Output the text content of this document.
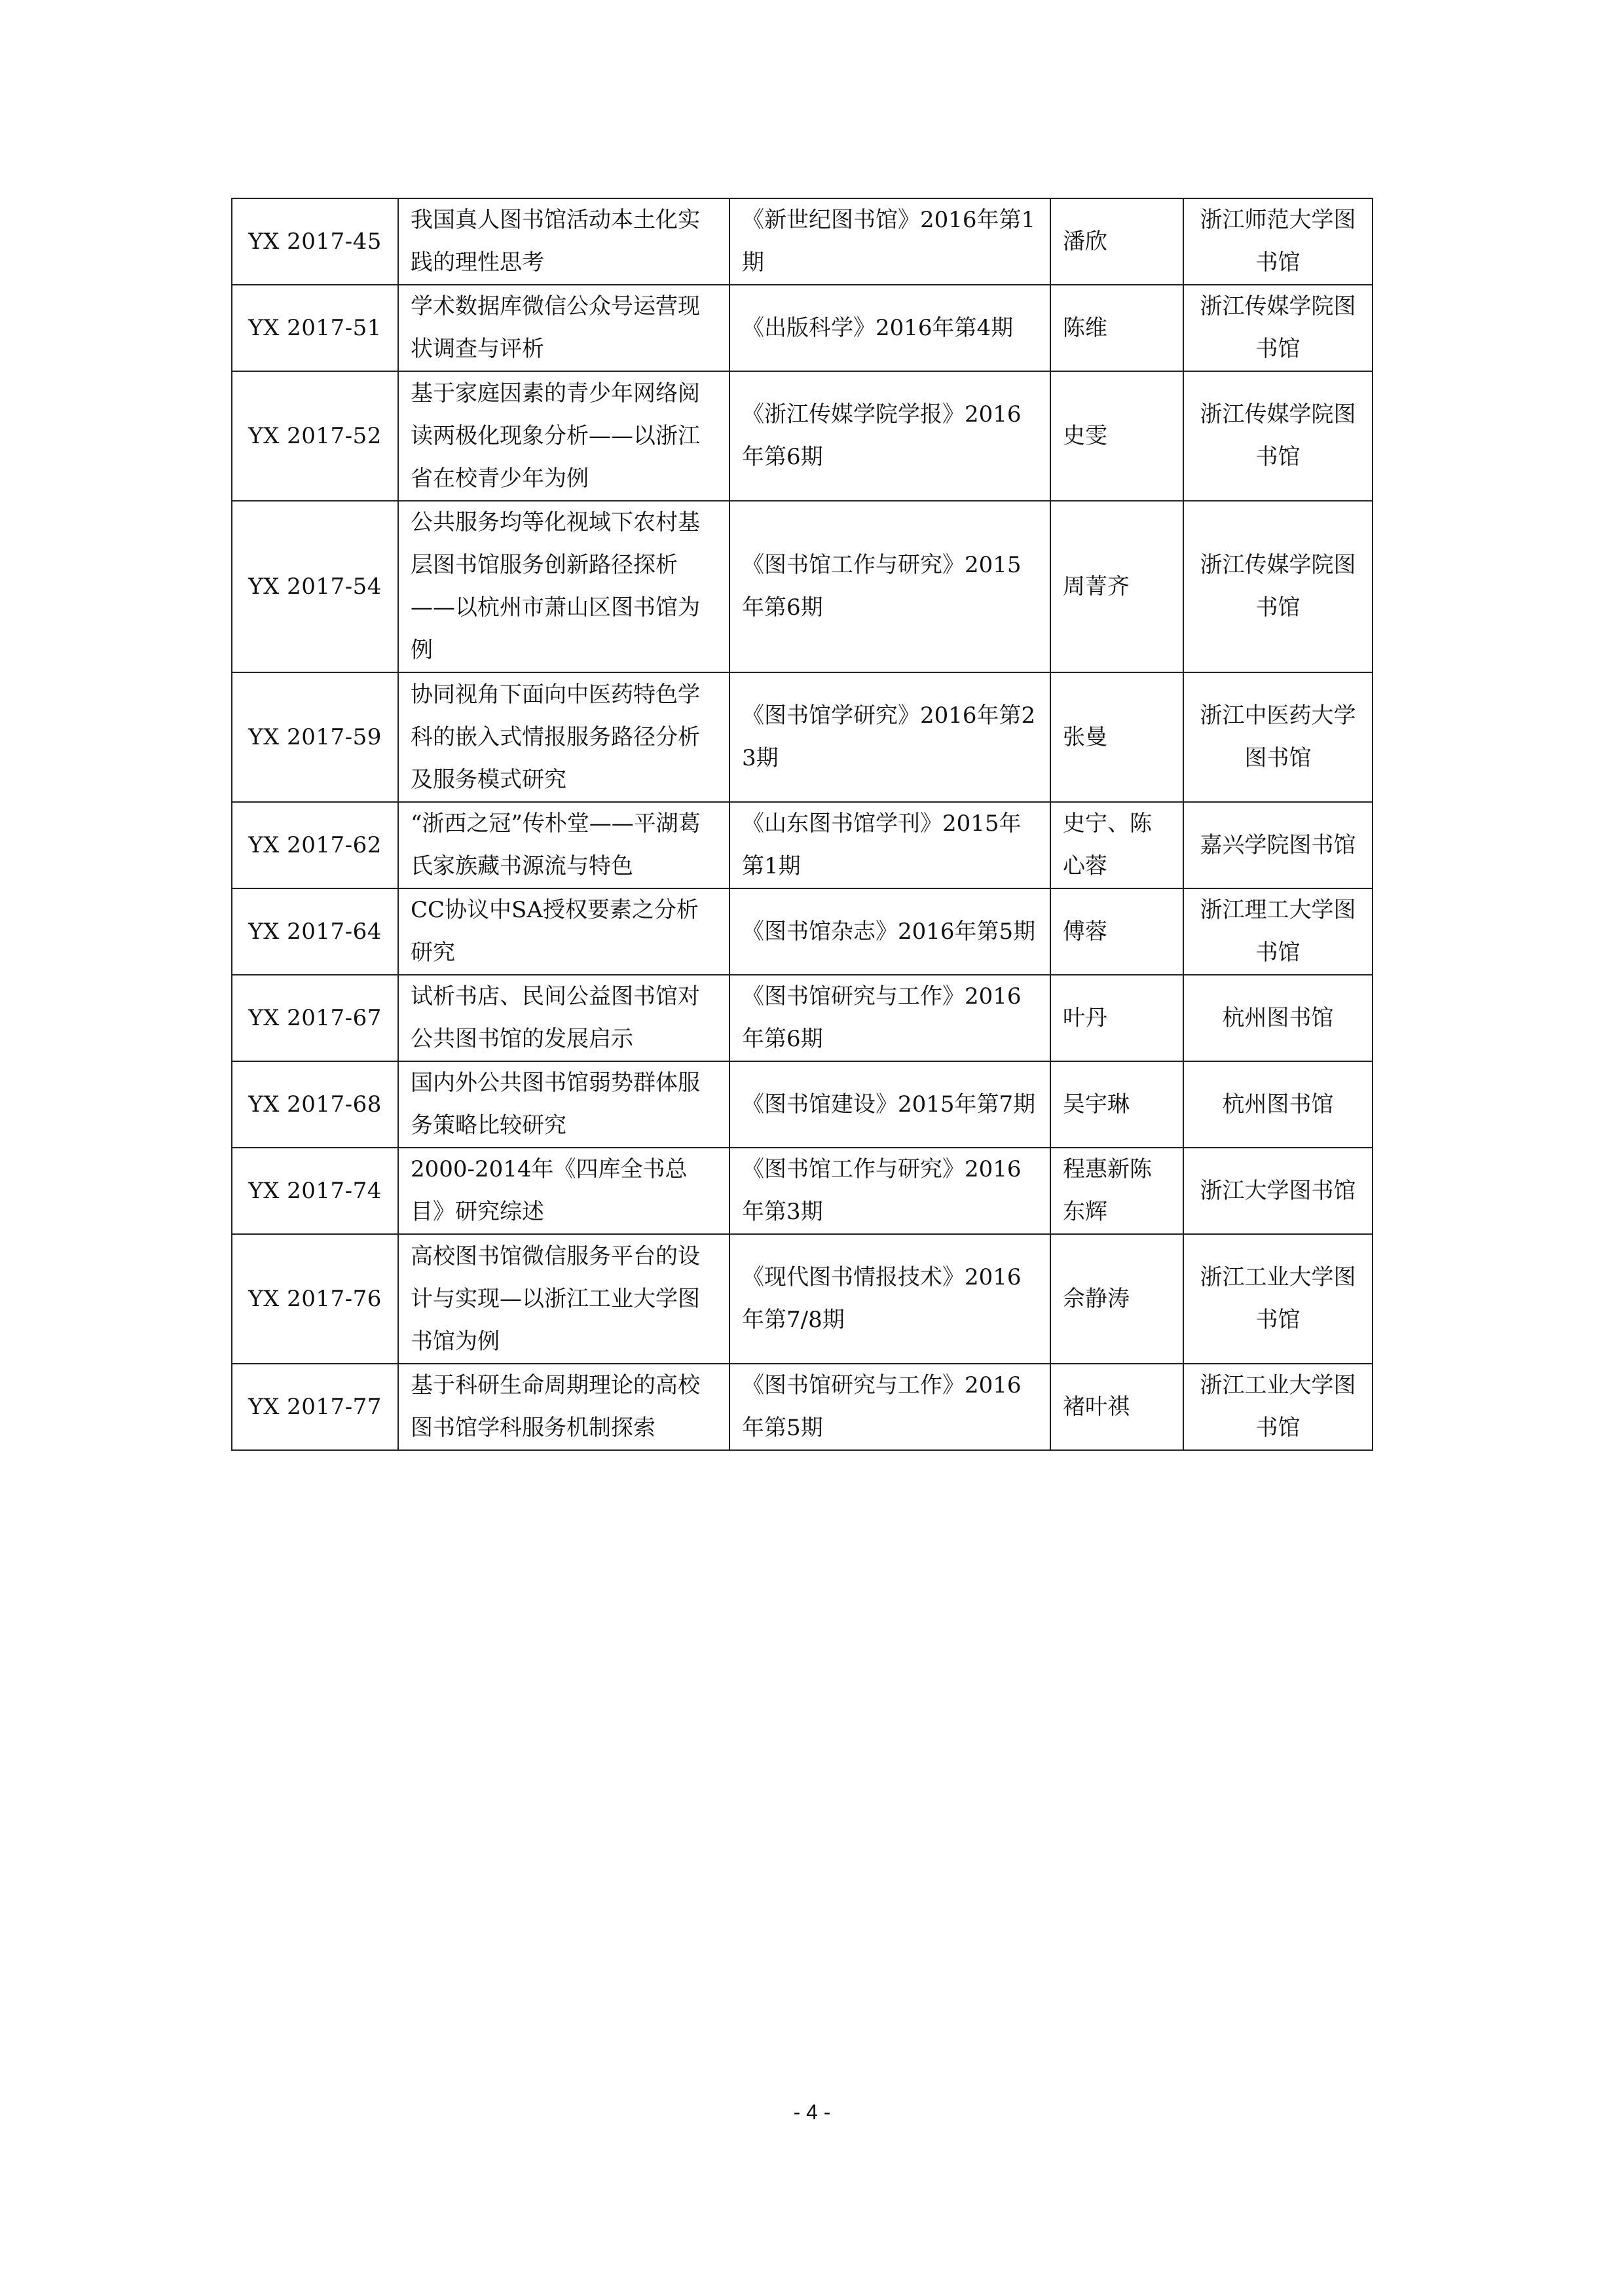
YX 2017-45	我国真人图书馆活动本土化实践的理性思考	《新世纪图书馆》2016年第1期	潘欣	浙江师范大学图书馆
YX 2017-51	学术数据库微信公众号运营现状调查与评析	《出版科学》2016年第4期	陈维	浙江传媒学院图书馆
YX 2017-52	基于家庭因素的青少年网络阅读两极化现象分析——以浙江省在校青少年为例	《浙江传媒学院学报》2016年第6期	史雯	浙江传媒学院图书馆
YX 2017-54	公共服务均等化视域下农村基层图书馆服务创新路径探析——以杭州市萧山区图书馆为例	《图书馆工作与研究》2015年第6期	周菁齐	浙江传媒学院图书馆
YX 2017-59	协同视角下面向中医药特色学科的嵌入式情报服务路径分析及服务模式研究	《图书馆学研究》2016年第23期	张曼	浙江中医药大学图书馆
YX 2017-62	“浙西之冠”传朴堂——平湖葛氏家族藏书源流与特色	《山东图书馆学刊》2015年第1期	史宁、陈心蓉	嘉兴学院图书馆
YX 2017-64	CC协议中SA授权要素之分析研究	《图书馆杂志》2016年第5期	傅蓉	浙江理工大学图书馆
YX 2017-67	试析书店、民间公益图书馆对公共图书馆的发展启示	《图书馆研究与工作》2016年第6期	叶丹	杭州图书馆
YX 2017-68	国内外公共图书馆弱势群体服务策略比较研究	《图书馆建设》2015年第7期	吴宇琳	杭州图书馆
YX 2017-74	2000-2014年《四库全书总目》研究综述	《图书馆工作与研究》2016年第3期	程惠新陈东辉	浙江大学图书馆
YX 2017-76	高校图书馆微信服务平台的设计与实现—以浙江工业大学图书馆为例	《现代图书情报技术》2016年第7/8期	佘静涛	浙江工业大学图书馆
YX 2017-77	基于科研生命周期理论的高校图书馆学科服务机制探索	《图书馆研究与工作》2016年第5期	褚叶祺	浙江工业大学图书馆
- 4 -
